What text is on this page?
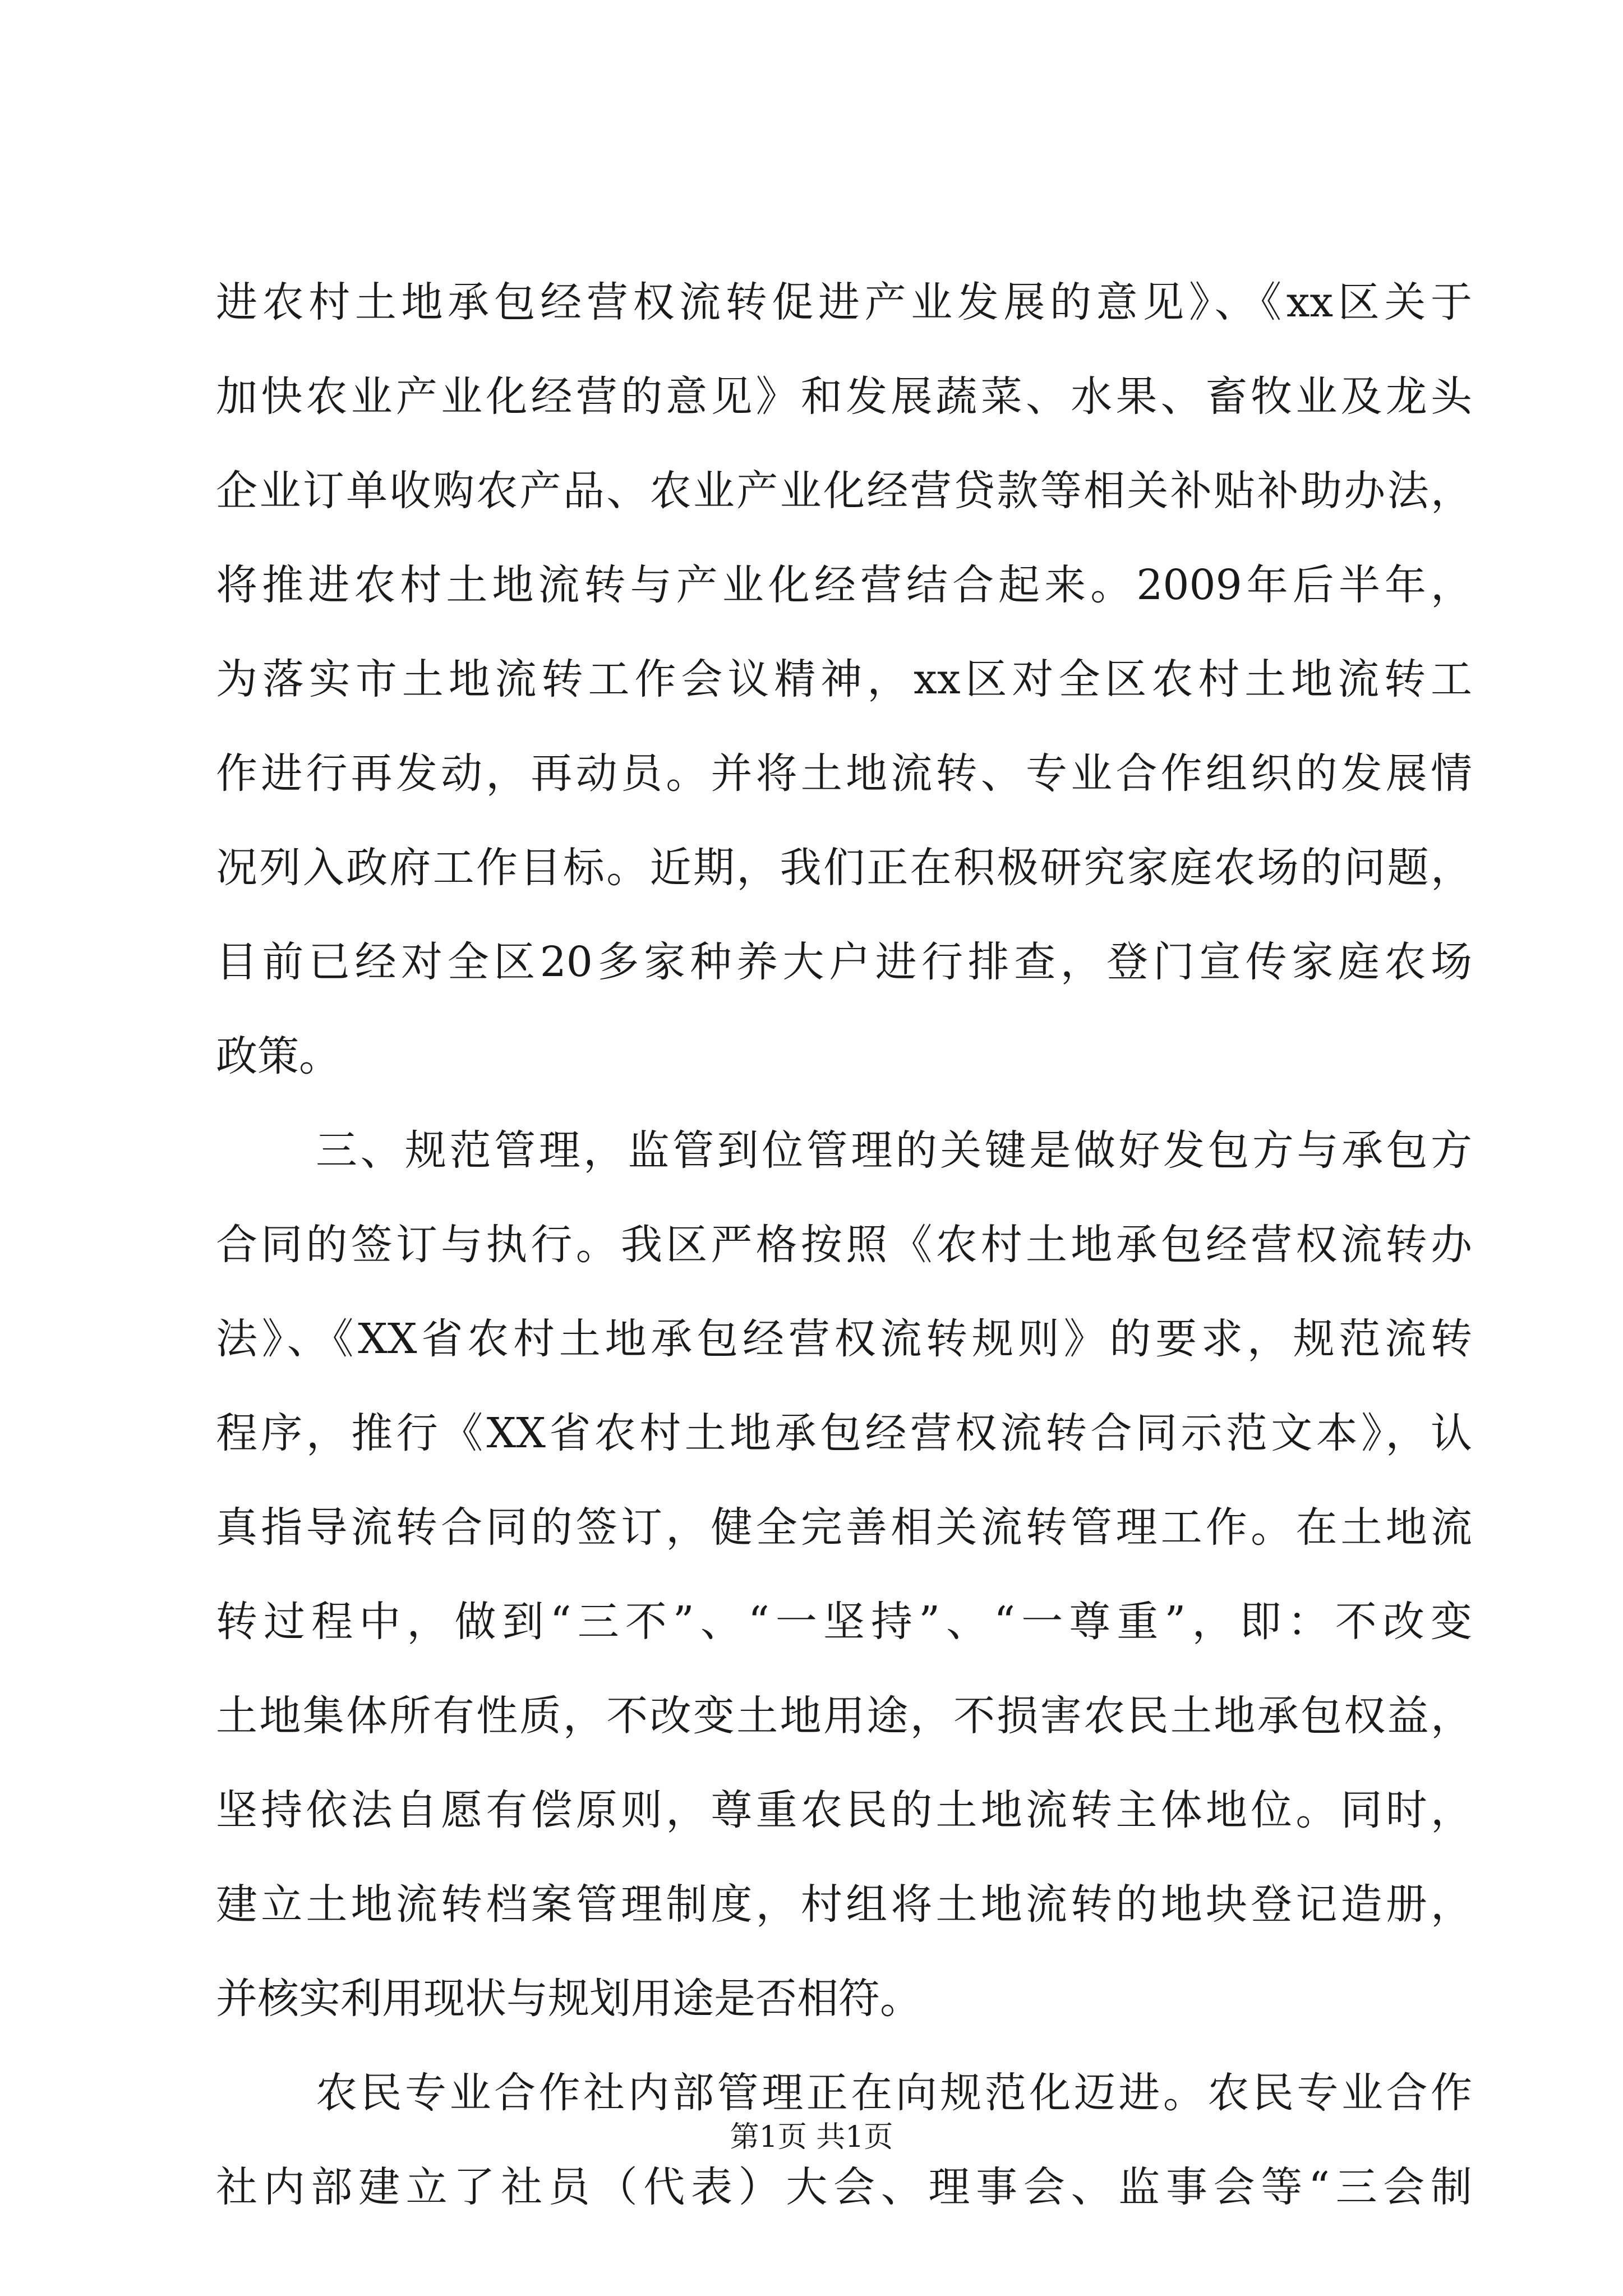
进农村土地承包经营权流转促进产业发展的意见》、《xx区关于
加快农业产业化经营的意见》和发展蔬菜、水果、畜牧业及龙头
企业订单收购农产品、农业产业化经营贷款等相关补贴补助办法，
将推进农村土地流转与产业化经营结合起来。2009年后半年，
为落实市土地流转工作会议精神，xx区对全区农村土地流转工
作进行再发动，再动员。并将土地流转、专业合作组织的发展情
况列入政府工作目标。近期，我们正在积极研究家庭农场的问题，
目前已经对全区20多家种养大户进行排查，登门宣传家庭农场
政策。
三、规范管理，监管到位管理的关键是做好发包方与承包方
合同的签订与执行。我区严格按照《农村土地承包经营权流转办
法》、《XX省农村土地承包经营权流转规则》的要求，规范流转
程序，推行《XX省农村土地承包经营权流转合同示范文本》，认
真指导流转合同的签订，健全完善相关流转管理工作。在土地流
转过程中，做到“三不”、“一坚持”、“一尊重”，即：不改变
土地集体所有性质，不改变土地用途，不损害农民土地承包权益，
坚持依法自愿有偿原则，尊重农民的土地流转主体地位。同时，
建立土地流转档案管理制度，村组将土地流转的地块登记造册，
并核实利用现状与规划用途是否相符。
农民专业合作社内部管理正在向规范化迈进。农民专业合作
社内部建立了社员（代表）大会、理事会、监事会等“三会制
第1页 共1页
